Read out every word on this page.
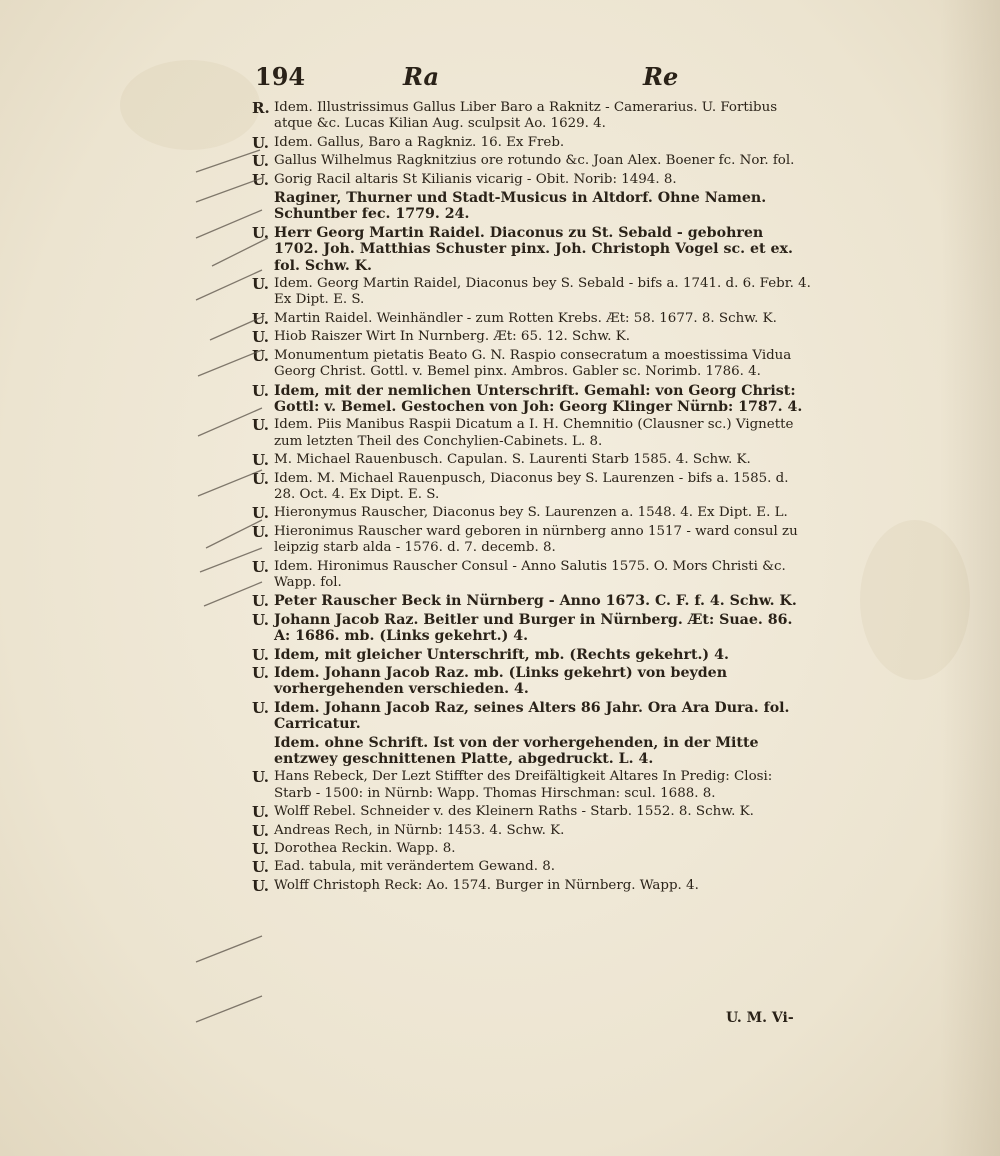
194	Ra	Re
R. Idem. Illustrissimus Gallus Liber Baro a Raknitz - Camerarius. U. Fortibus atque &c. Lucas Kilian Aug. sculpsit Ao. 1629. 4.
U. Idem. Gallus, Baro a Ragkniz. 16. Ex Freb.
U. Gallus Wilhelmus Ragknitzius ore rotundo &c. Joan Alex. Boener fc. Nor. fol.
U. Gorig Racil altaris St Kilianis vicarig - Obit. Norib: 1494. 8.
Raginer, Thurner und Stadt-Musicus in Altdorf. Ohne Namen. Schuntber fec. 1779. 24.
U. Herr Georg Martin Raidel. Diaconus zu St. Sebald - gebohren 1702. Joh. Matthias Schuster pinx. Joh. Christoph Vogel sc. et ex. fol. Schw. K.
U. Idem. Georg Martin Raidel, Diaconus bey S. Sebald - bifs a. 1741. d. 6. Febr. 4. Ex Dipt. E. S.
U. Martin Raidel. Weinhändler - zum Rotten Krebs. Æt: 58. 1677. 8. Schw. K.
U. Hiob Raiszer Wirt In Nurnberg. Æt: 65. 12. Schw. K.
U. Monumentum pietatis Beato G. N. Raspio consecratum a moestissima Vidua Georg Christ. Gottl. v. Bemel pinx. Ambros. Gabler sc. Norimb. 1786. 4.
U. Idem, mit der nemlichen Unterschrift. Gemahl: von Georg Christ: Gottl: v. Bemel. Gestochen von Joh: Georg Klinger Nürnb: 1787. 4.
U. Idem. Piis Manibus Raspii Dicatum a I. H. Chemnitio (Clausner sc.) Vignette zum letzten Theil des Conchylien-Cabinets. L. 8.
U. M. Michael Rauenbusch. Capulan. S. Laurenti Starb 1585. 4. Schw. K.
U. Idem. M. Michael Rauenpusch, Diaconus bey S. Laurenzen - bifs a. 1585. d. 28. Oct. 4. Ex Dipt. E. S.
U. Hieronymus Rauscher, Diaconus bey S. Laurenzen a. 1548. 4. Ex Dipt. E. L.
U. Hieronimus Rauscher ward geboren in nürnberg anno 1517 - ward consul zu leipzig starb alda - 1576. d. 7. decemb. 8.
U. Idem. Hironimus Rauscher Consul - Anno Salutis 1575. O. Mors Christi &c. Wapp. fol.
U. Peter Rauscher Beck in Nürnberg - Anno 1673. C. F. f. 4. Schw. K.
U. Johann Jacob Raz. Beitler und Burger in Nürnberg. Æt: Suae. 86. A: 1686. mb. (Links gekehrt.) 4.
U. Idem, mit gleicher Unterschrift, mb. (Rechts gekehrt.) 4.
U. Idem. Johann Jacob Raz. mb. (Links gekehrt) von beyden vorhergehenden verschieden. 4.
U. Idem. Johann Jacob Raz, seines Alters 86 Jahr. Ora Ara Dura. fol. Carricatur.
Idem. ohne Schrift. Ist von der vorhergehenden, in der Mitte entzwey geschnittenen Platte, abgedruckt. L. 4.
U. Hans Rebeck, Der Lezt Stiffter des Dreifältigkeit Altares In Predig: Closi: Starb - 1500: in Nürnb: Wapp. Thomas Hirschman: scul. 1688. 8.
U. Wolff Rebel. Schneider v. des Kleinern Raths - Starb. 1552. 8. Schw. K.
U. Andreas Rech, in Nürnb: 1453. 4. Schw. K.
U. Dorothea Reckin. Wapp. 8.
U. Ead. tabula, mit verändertem Gewand. 8.
U. Wolff Christoph Reck: Ao. 1574. Burger in Nürnberg. Wapp. 4.
U. M. Vi-
